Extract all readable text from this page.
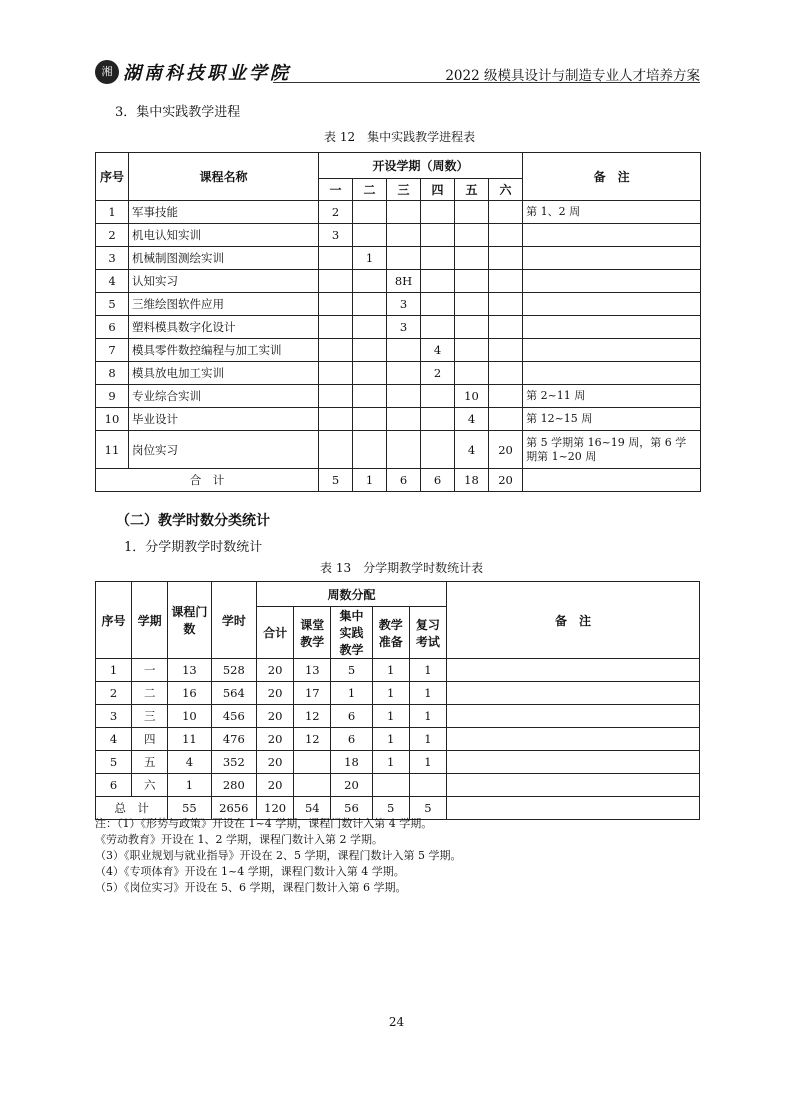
湘 湖南科技职业学院	2022 级模具设计与制造专业人才培养方案
3．集中实践教学进程
表 12　集中实践教学进程表
序号	课程名称	开设学期（周数）						备　注
		一	二	三	四	五	六	
1	军事技能	2						第 1、2 周
2	机电认知实训	3						
3	机械制图测绘实训		1					
4	认知实习			8H				
5	三维绘图软件应用			3				
6	塑料模具数字化设计			3				
7	模具零件数控编程与加工实训				4			
8	模具放电加工实训				2			
9	专业综合实训					10		第 2~11 周
10	毕业设计					4		第 12~15 周
11	岗位实习					4	20	第 5 学期第 16~19 周，第 6 学期第 1~20 周
合　计		5	1	6	6	18	20	
（二）教学时数分类统计
1．分学期教学时数统计
表 13　分学期教学时数统计表
序号	学期	课程门数	学时	周数分配					备　注
				合计	课堂教学	集中实践教学	教学准备	复习考试	
1	一	13	528	20	13	5	1	1	
2	二	16	564	20	17	1	1	1	
3	三	10	456	20	12	6	1	1	
4	四	11	476	20	12	6	1	1	
5	五	4	352	20		18	1	1	
6	六	1	280	20		20			
总　计		55	2656	120	54	56	5	5	
注：（1）《形势与政策》开设在 1~4 学期，课程门数计入第 4 学期。
《劳动教育》开设在 1、2 学期，课程门数计入第 2 学期。
（3）《职业规划与就业指导》开设在 2、5 学期，课程门数计入第 5 学期。
（4）《专项体育》开设在 1~4 学期，课程门数计入第 4 学期。
（5）《岗位实习》开设在 5、6 学期，课程门数计入第 6 学期。
24
